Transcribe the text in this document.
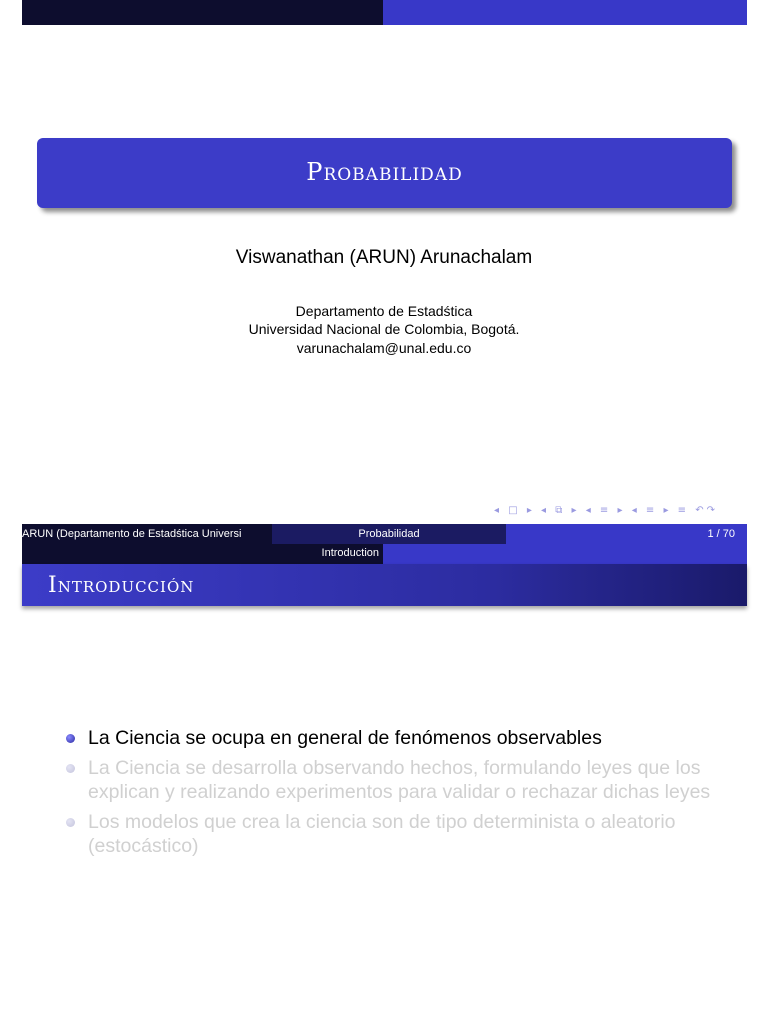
Probabilidad
Viswanathan (ARUN) Arunachalam
Departamento de Estadśtica
Universidad Nacional de Colombia, Bogotá.
varunachalam@unal.edu.co
◂ □ ▸ ◂ ⧉ ▸ ◂ ≡ ▸ ◂ ≡ ▸ ≡ ↶↷
ARUN (Departamento de Estadśtica Universi	Probabilidad	1 / 70
Introduction
Introducción
La Ciencia se ocupa en general de fenómenos observables
La Ciencia se desarrolla observando hechos, formulando leyes que los explican y realizando experimentos para validar o rechazar dichas leyes
Los modelos que crea la ciencia son de tipo determinista o aleatorio (estocástico)
